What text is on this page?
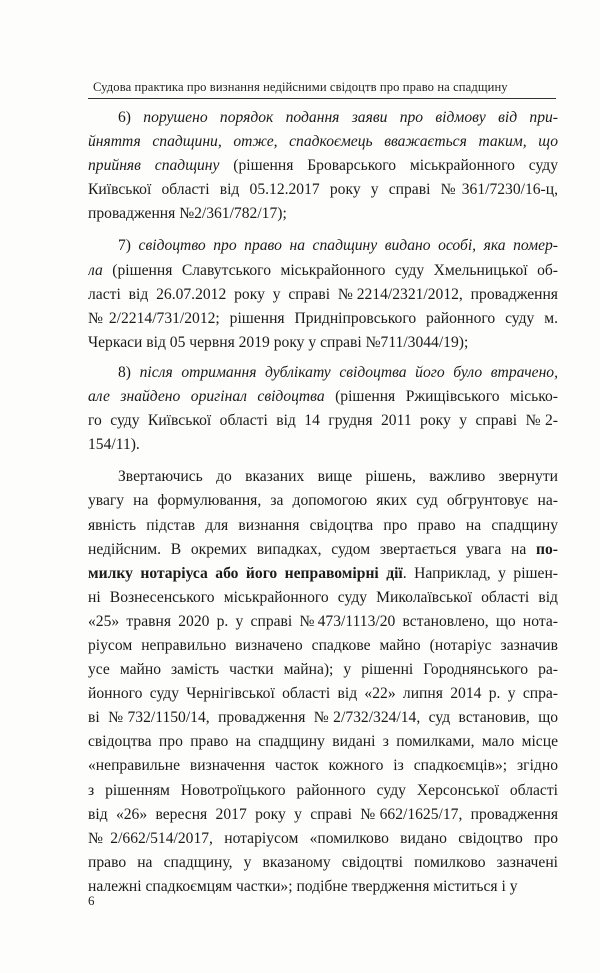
Судова практика про визнання недійсними свідоцтв про право на спадщину

6) порушено порядок подання заяви про відмову від при-
йняття спадщини, отже, спадкоємець вважається таким, що
прийняв спадщину (рішення Броварського міськрайонного суду
Київської області від 05.12.2017 року у справі №361/7230/16-ц,
провадження №2/361/782/17);

7) свідоцтво про право на спадщину видано особі, яка помер-
ла (рішення Славутського міськрайонного суду Хмельницької об-
ласті від 26.07.2012 року у справі №2214/2321/2012, провадження
№2/2214/731/2012; рішення Придніпровського районного суду м.
Черкаси від 05 червня 2019 року у справі №711/3044/19);

8) після отримання дублікату свідоцтва його було втрачено,
але знайдено оригінал свідоцтва (рішення Ржищівського місько-
го суду Київської області від 14 грудня 2011 року у справі №2-
154/11).

Звертаючись до вказаних вище рішень, важливо звернути
увагу на формулювання, за допомогою яких суд обгрунтовує на-
явність підстав для визнання свідоцтва про право на спадщину
недійсним. В окремих випадках, судом звертається увага на по-
милку нотаріуса або його неправомірні дії. Наприклад, у рішен-
ні Вознесенського міськрайонного суду Миколаївської області від
«25» травня 2020 р. у справі №473/1113/20 встановлено, що нота-
ріусом неправильно визначено спадкове майно (нотаріус зазначив
усе майно замість частки майна); у рішенні Городнянського ра-
йонного суду Чернігівської області від «22» липня 2014 р. у спра-
ві №732/1150/14, провадження №2/732/324/14, суд встановив, що
свідоцтва про право на спадщину видані з помилками, мало місце
«неправильне визначення часток кожного із спадкоємців»; згідно
з рішенням Новотроїцького районного суду Херсонської області
від «26» вересня 2017 року у справі №662/1625/17, провадження
№2/662/514/2017, нотаріусом «помилково видано свідоцтво про
право на спадщину, у вказаному свідоцтві помилково зазначені
належні спадкоємцям частки»; подібне твердження міститься і у

6
